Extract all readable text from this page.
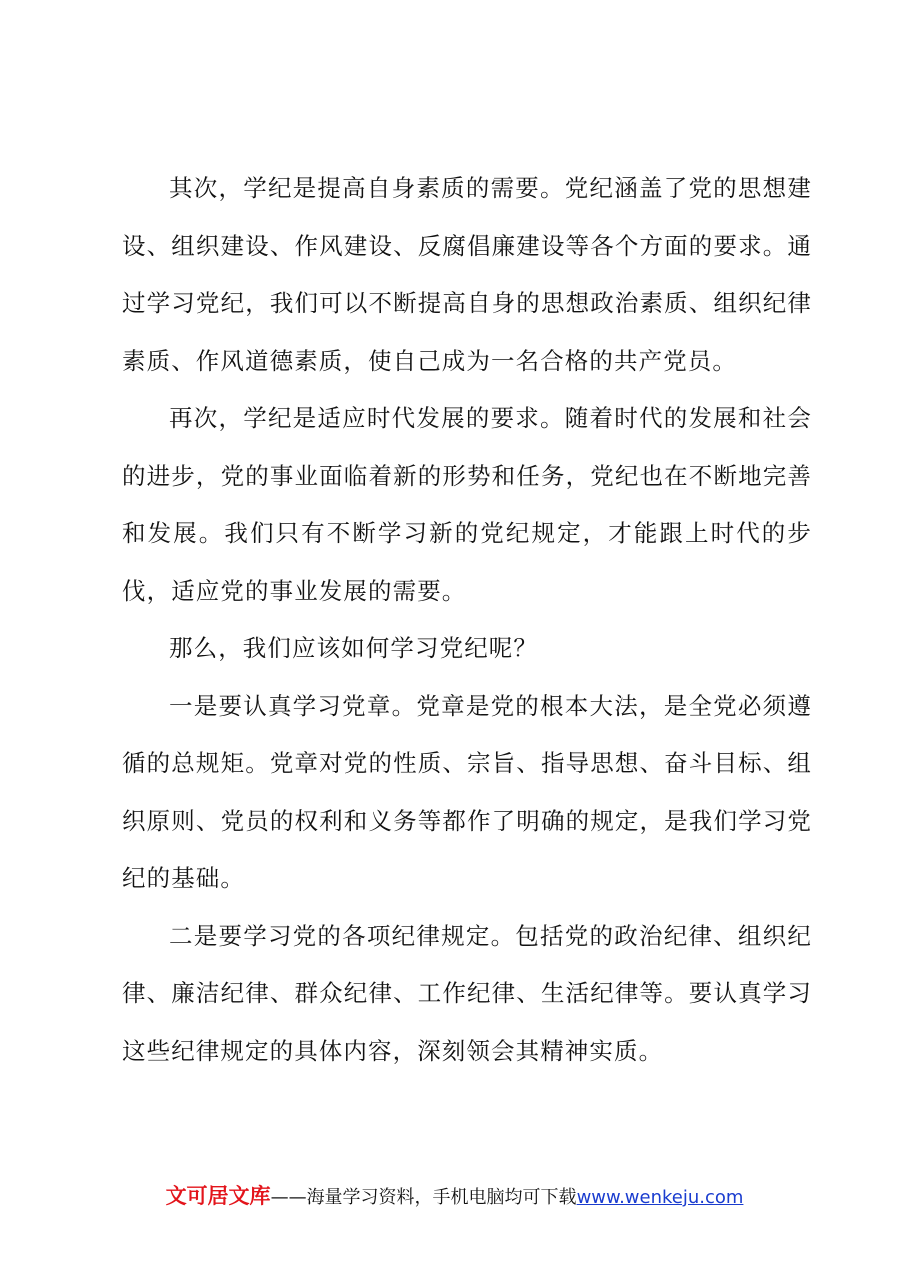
其次，学纪是提高自身素质的需要。党纪涵盖了党的思想建设、组织建设、作风建设、反腐倡廉建设等各个方面的要求。通过学习党纪，我们可以不断提高自身的思想政治素质、组织纪律素质、作风道德素质，使自己成为一名合格的共产党员。

再次，学纪是适应时代发展的要求。随着时代的发展和社会的进步，党的事业面临着新的形势和任务，党纪也在不断地完善和发展。我们只有不断学习新的党纪规定，才能跟上时代的步伐，适应党的事业发展的需要。

那么，我们应该如何学习党纪呢？

一是要认真学习党章。党章是党的根本大法，是全党必须遵循的总规矩。党章对党的性质、宗旨、指导思想、奋斗目标、组织原则、党员的权利和义务等都作了明确的规定，是我们学习党纪的基础。

二是要学习党的各项纪律规定。包括党的政治纪律、组织纪律、廉洁纪律、群众纪律、工作纪律、生活纪律等。要认真学习这些纪律规定的具体内容，深刻领会其精神实质。

文可居文库——海量学习资料，手机电脑均可下载www.wenkeju.com
